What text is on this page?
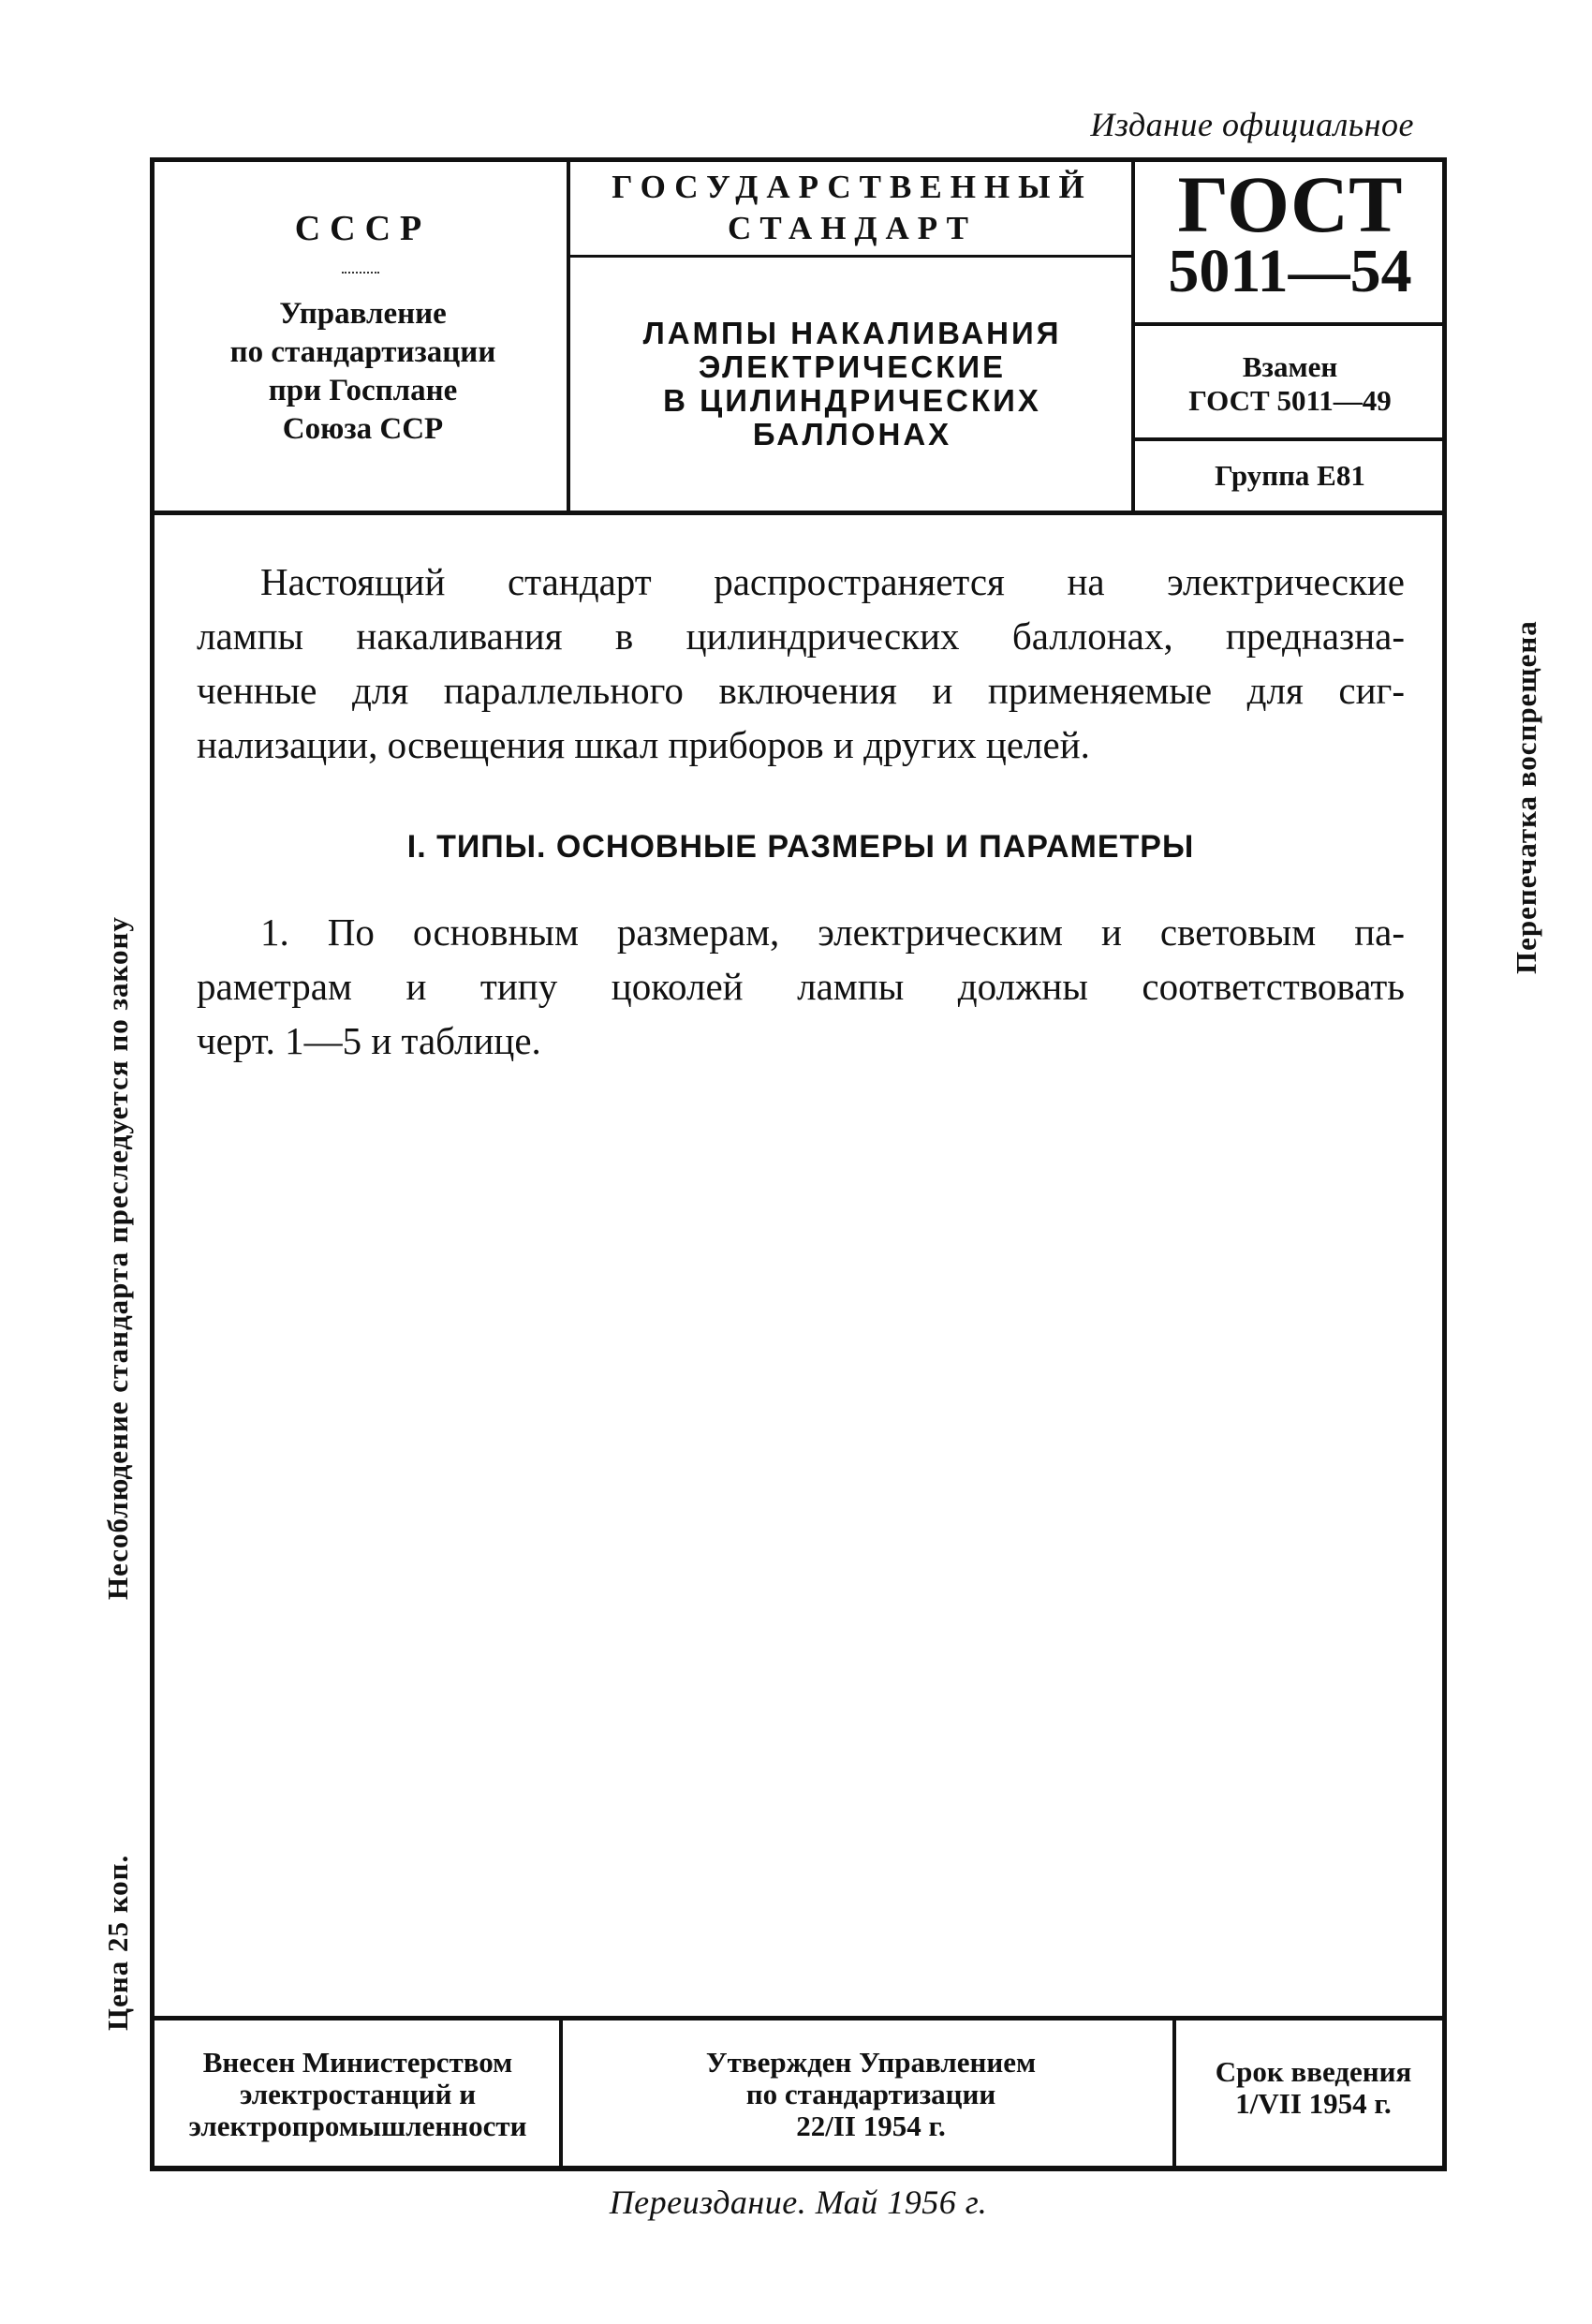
Издание официальное
СССР
Управление
по стандартизации
при Госплане
Союза ССР
ГОСУДАРСТВЕННЫЙ
СТАНДАРТ
ЛАМПЫ НАКАЛИВАНИЯ
ЭЛЕКТРИЧЕСКИЕ
В ЦИЛИНДРИЧЕСКИХ
БАЛЛОНАХ
ГОСТ
5011—54
Взамен
ГОСТ 5011—49
Группа Е81
Настоящий стандарт распространяется на электрические
лампы накаливания в цилиндрических баллонах, предназна-
ченные для параллельного включения и применяемые для сиг-
нализации, освещения шкал приборов и других целей.
I. ТИПЫ. ОСНОВНЫЕ РАЗМЕРЫ И ПАРАМЕТРЫ
1. По основным размерам, электрическим и световым па-
раметрам и типу цоколей лампы должны соответствовать
черт. 1—5 и таблице.
Несоблюдение стандарта преследуется по закону
Цена 25 коп.
Перепечатка воспрещена
Внесен Министерством
электростанций и
электропромышленности
Утвержден Управлением
по стандартизации
22/II 1954 г.
Срок введения
1/VII 1954 г.
Переиздание. Май 1956 г.
